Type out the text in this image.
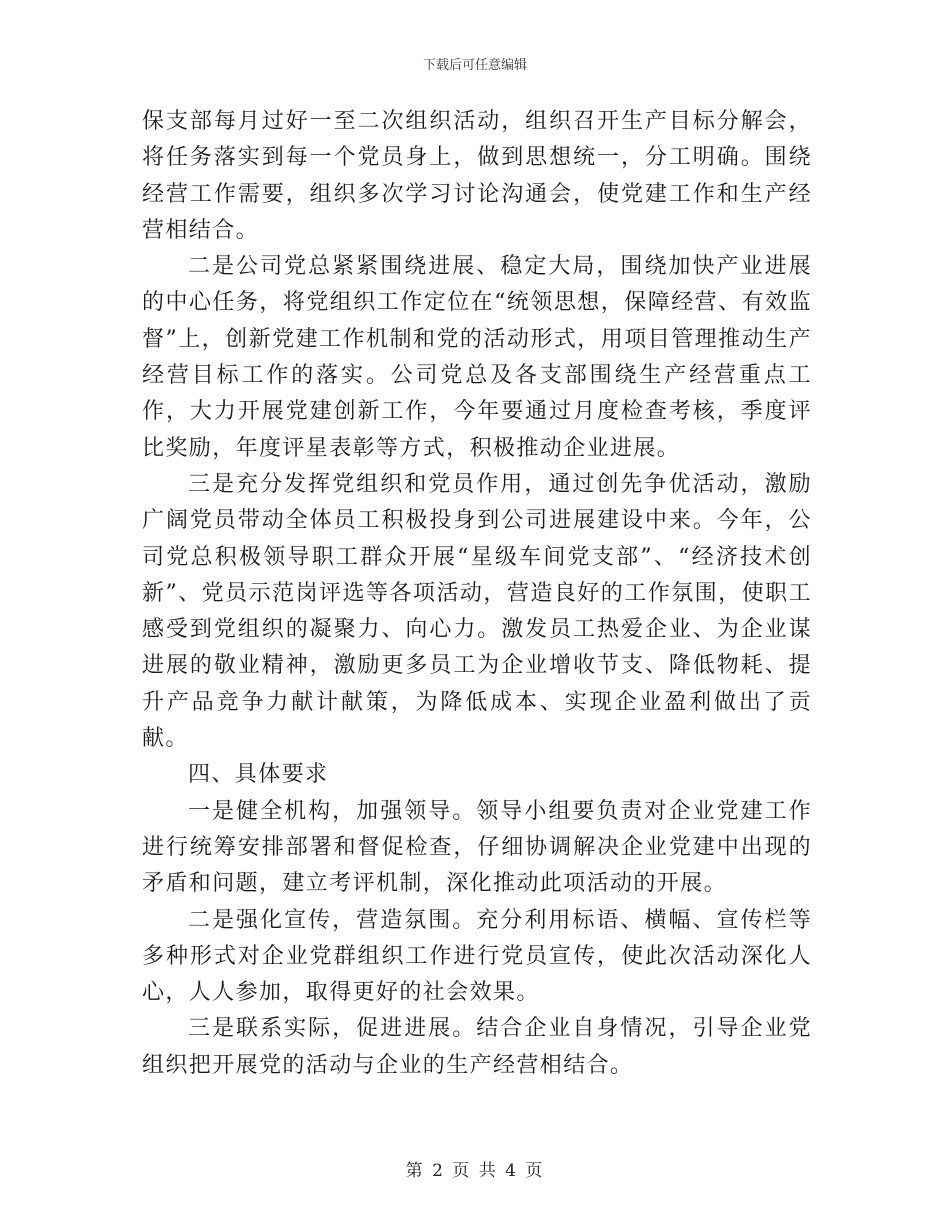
下载后可任意编辑

保支部每月过好一至二次组织活动，组织召开生产目标分解会，将任务落实到每一个党员身上，做到思想统一，分工明确。围绕经营工作需要，组织多次学习讨论沟通会，使党建工作和生产经营相结合。

二是公司党总紧紧围绕进展、稳定大局，围绕加快产业进展的中心任务，将党组织工作定位在“统领思想，保障经营、有效监督”上，创新党建工作机制和党的活动形式，用项目管理推动生产经营目标工作的落实。公司党总及各支部围绕生产经营重点工作，大力开展党建创新工作，今年要通过月度检查考核，季度评比奖励，年度评星表彰等方式，积极推动企业进展。

三是充分发挥党组织和党员作用，通过创先争优活动，激励广阔党员带动全体员工积极投身到公司进展建设中来。今年，公司党总积极领导职工群众开展“星级车间党支部”、“经济技术创新”、党员示范岗评选等各项活动，营造良好的工作氛围，使职工感受到党组织的凝聚力、向心力。激发员工热爱企业、为企业谋进展的敬业精神，激励更多员工为企业增收节支、降低物耗、提升产品竞争力献计献策，为降低成本、实现企业盈利做出了贡献。

四、具体要求

一是健全机构，加强领导。领导小组要负责对企业党建工作进行统筹安排部署和督促检查，仔细协调解决企业党建中出现的矛盾和问题，建立考评机制，深化推动此项活动的开展。

二是强化宣传，营造氛围。充分利用标语、横幅、宣传栏等多种形式对企业党群组织工作进行党员宣传，使此次活动深化人心，人人参加，取得更好的社会效果。

三是联系实际，促进进展。结合企业自身情况，引导企业党组织把开展党的活动与企业的生产经营相结合。

第 2 页 共 4 页
